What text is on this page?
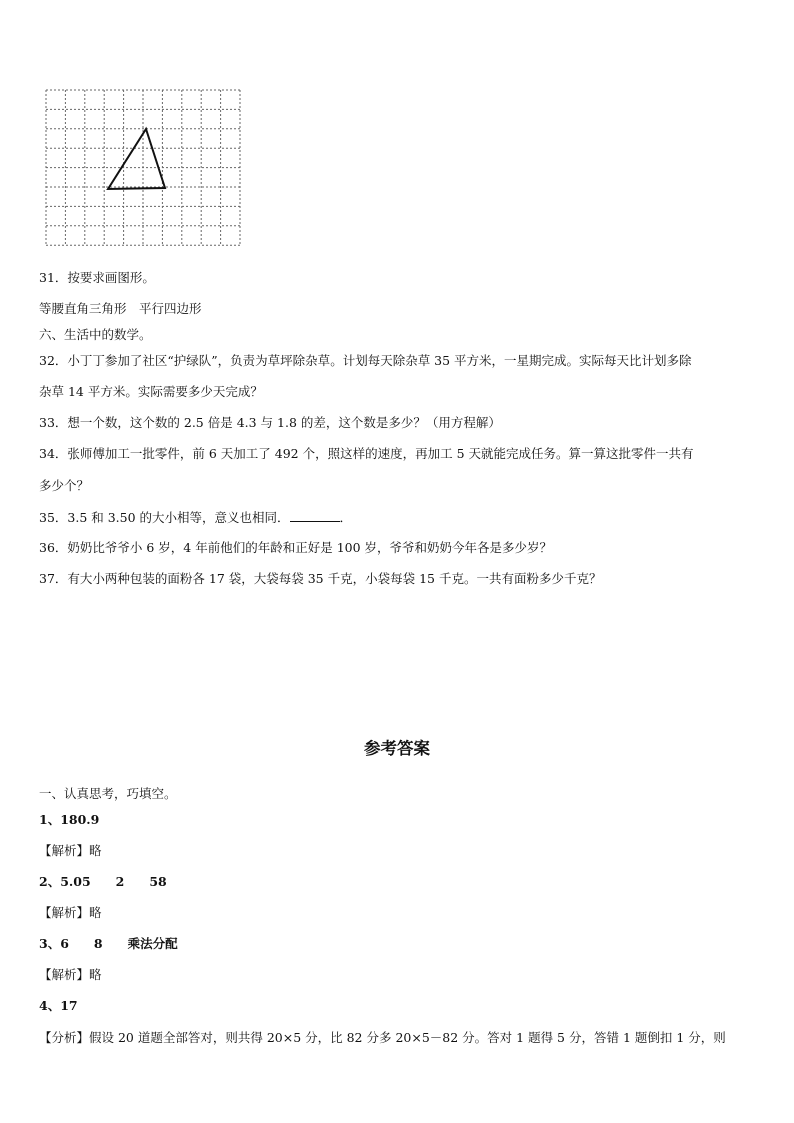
31．按要求画图形。
等腰直角三角形　平行四边形
六、生活中的数学。
32．小丁丁参加了社区“护绿队”，负责为草坪除杂草。计划每天除杂草 35 平方米，一星期完成。实际每天比计划多除
杂草 14 平方米。实际需要多少天完成？
33．想一个数，这个数的 2.5 倍是 4.3 与 1.8 的差，这个数是多少？（用方程解）
34．张师傅加工一批零件，前 6 天加工了 492 个，照这样的速度，再加工 5 天就能完成任务。算一算这批零件一共有
多少个？
35．3.5 和 3.50 的大小相等，意义也相同．	．
36．奶奶比爷爷小 6 岁，4 年前他们的年龄和正好是 100 岁，爷爷和奶奶今年各是多少岁？
37．有大小两种包装的面粉各 17 袋，大袋每袋 35 千克，小袋每袋 15 千克。一共有面粉多少千克？
参考答案
一、认真思考，巧填空。
1、180.9
【解析】略
2、5.05　　2　　58
【解析】略
3、6　　8　　乘法分配
【解析】略
4、17
【分析】假设 20 道题全部答对，则共得 20×5 分，比 82 分多 20×5－82 分。答对 1 题得 5 分，答错 1 题倒扣 1 分，则
